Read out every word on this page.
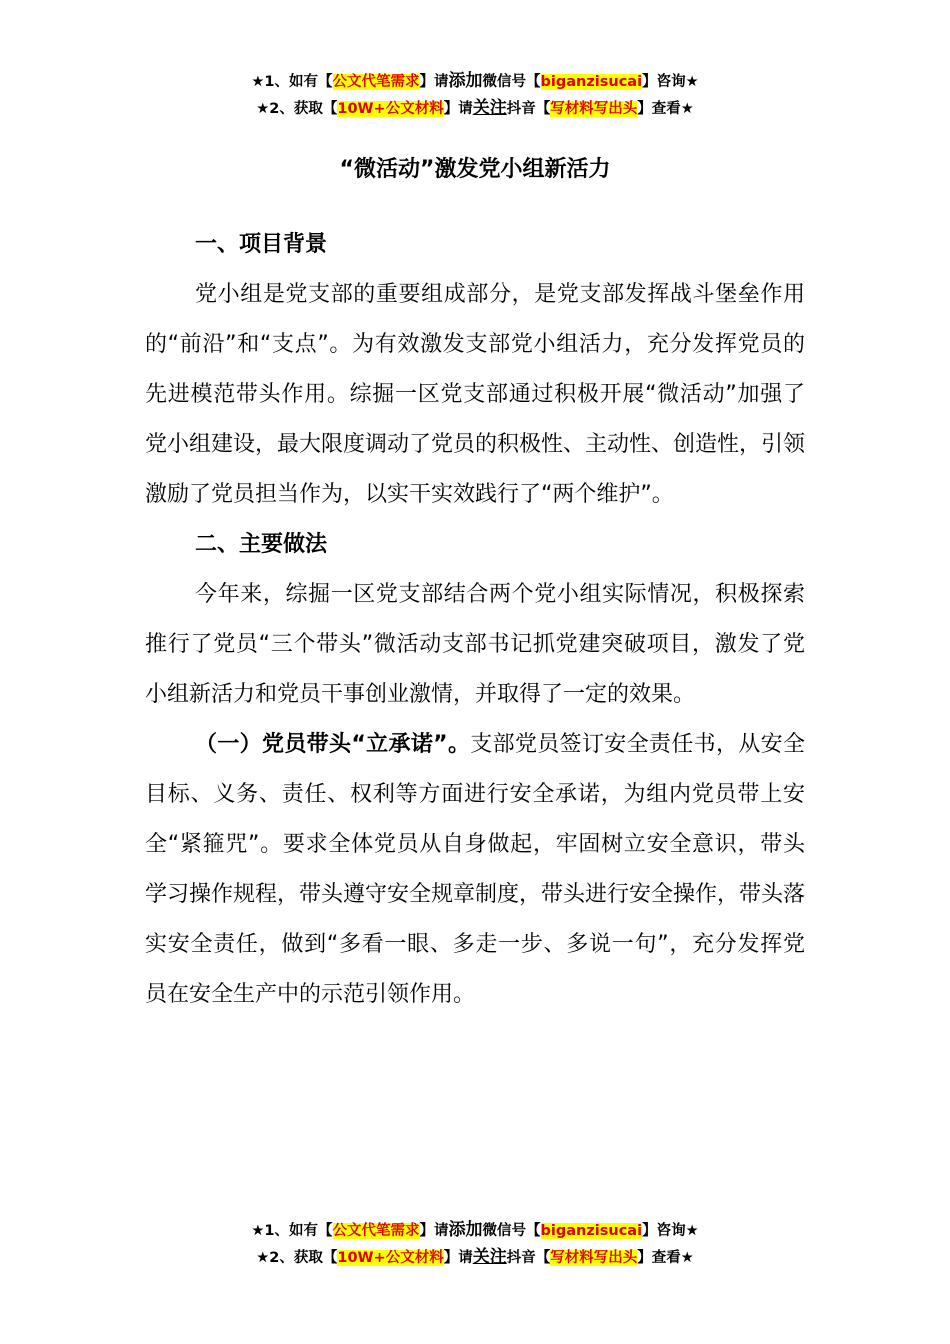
★1、如有【公文代笔需求】请添加微信号【biganzisucai】咨询★
★2、获取【10W+公文材料】请关注抖音【写材料写出头】查看★
“微活动”激发党小组新活力

一、项目背景

党小组是党支部的重要组成部分，是党支部发挥战斗堡垒作用的“前沿”和“支点”。为有效激发支部党小组活力，充分发挥党员的先进模范带头作用。综掘一区党支部通过积极开展“微活动”加强了党小组建设，最大限度调动了党员的积极性、主动性、创造性，引领激励了党员担当作为，以实干实效践行了“两个维护”。

二、主要做法

今年来，综掘一区党支部结合两个党小组实际情况，积极探索推行了党员“三个带头”微活动支部书记抓党建突破项目，激发了党小组新活力和党员干事创业激情，并取得了一定的效果。

（一）党员带头“立承诺”。支部党员签订安全责任书，从安全目标、义务、责任、权利等方面进行安全承诺，为组内党员带上安全“紧箍咒”。要求全体党员从自身做起，牢固树立安全意识，带头学习操作规程，带头遵守安全规章制度，带头进行安全操作，带头落实安全责任，做到“多看一眼、多走一步、多说一句”，充分发挥党员在安全生产中的示范引领作用。

★1、如有【公文代笔需求】请添加微信号【biganzisucai】咨询★
★2、获取【10W+公文材料】请关注抖音【写材料写出头】查看★
